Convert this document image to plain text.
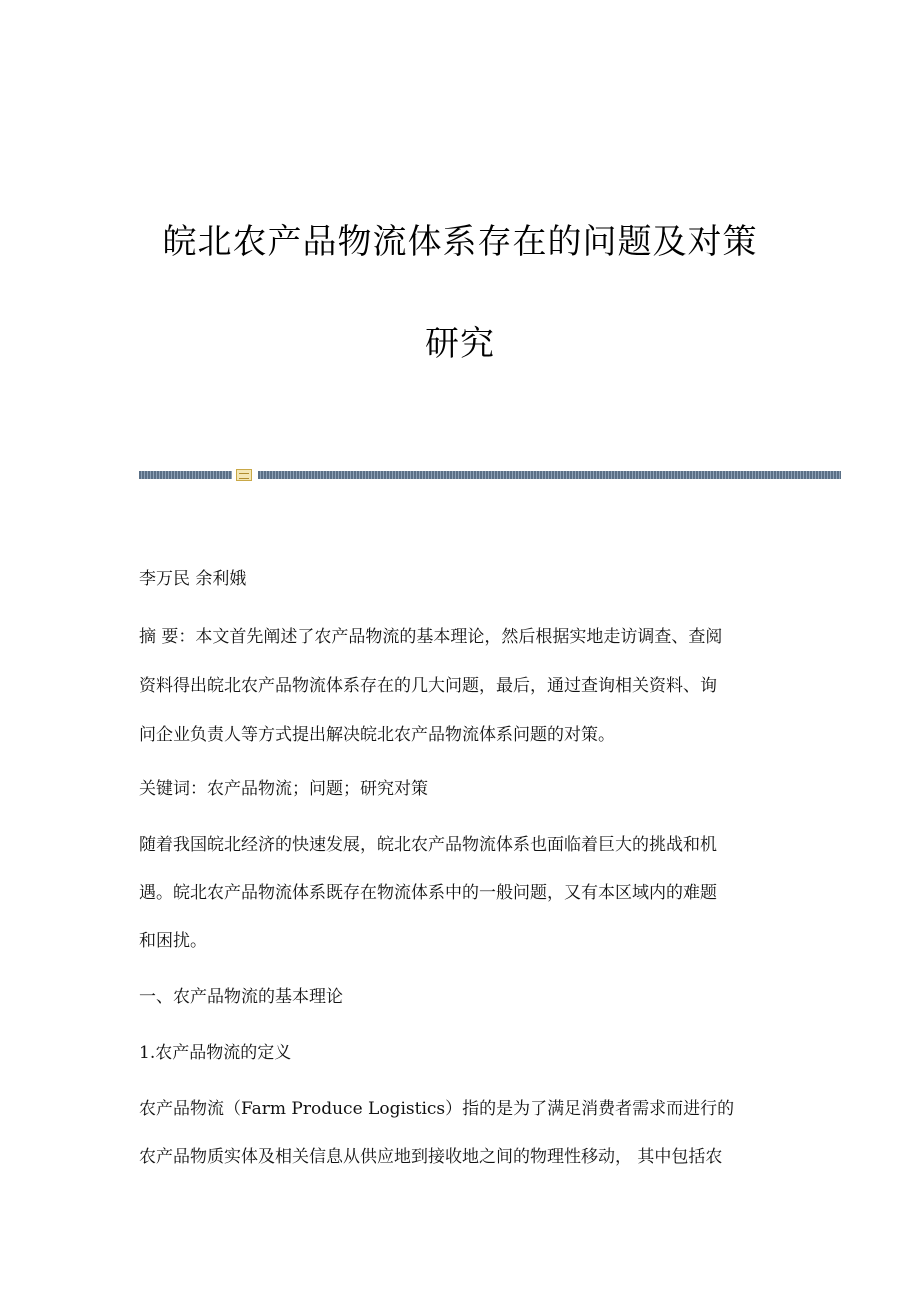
皖北农产品物流体系存在的问题及对策
研究
李万民 余利娥
摘 要：本文首先阐述了农产品物流的基本理论，然后根据实地走访调查、查阅
资料得出皖北农产品物流体系存在的几大问题，最后，通过查询相关资料、询
问企业负责人等方式提出解决皖北农产品物流体系问题的对策。
关键词：农产品物流；问题；研究对策
随着我国皖北经济的快速发展，皖北农产品物流体系也面临着巨大的挑战和机
遇。皖北农产品物流体系既存在物流体系中的一般问题，又有本区域内的难题
和困扰。
一、农产品物流的基本理论
1.农产品物流的定义
农产品物流（Farm Produce Logistics）指的是为了满足消费者需求而进行的
农产品物质实体及相关信息从供应地到接收地之间的物理性移动， 其中包括农
